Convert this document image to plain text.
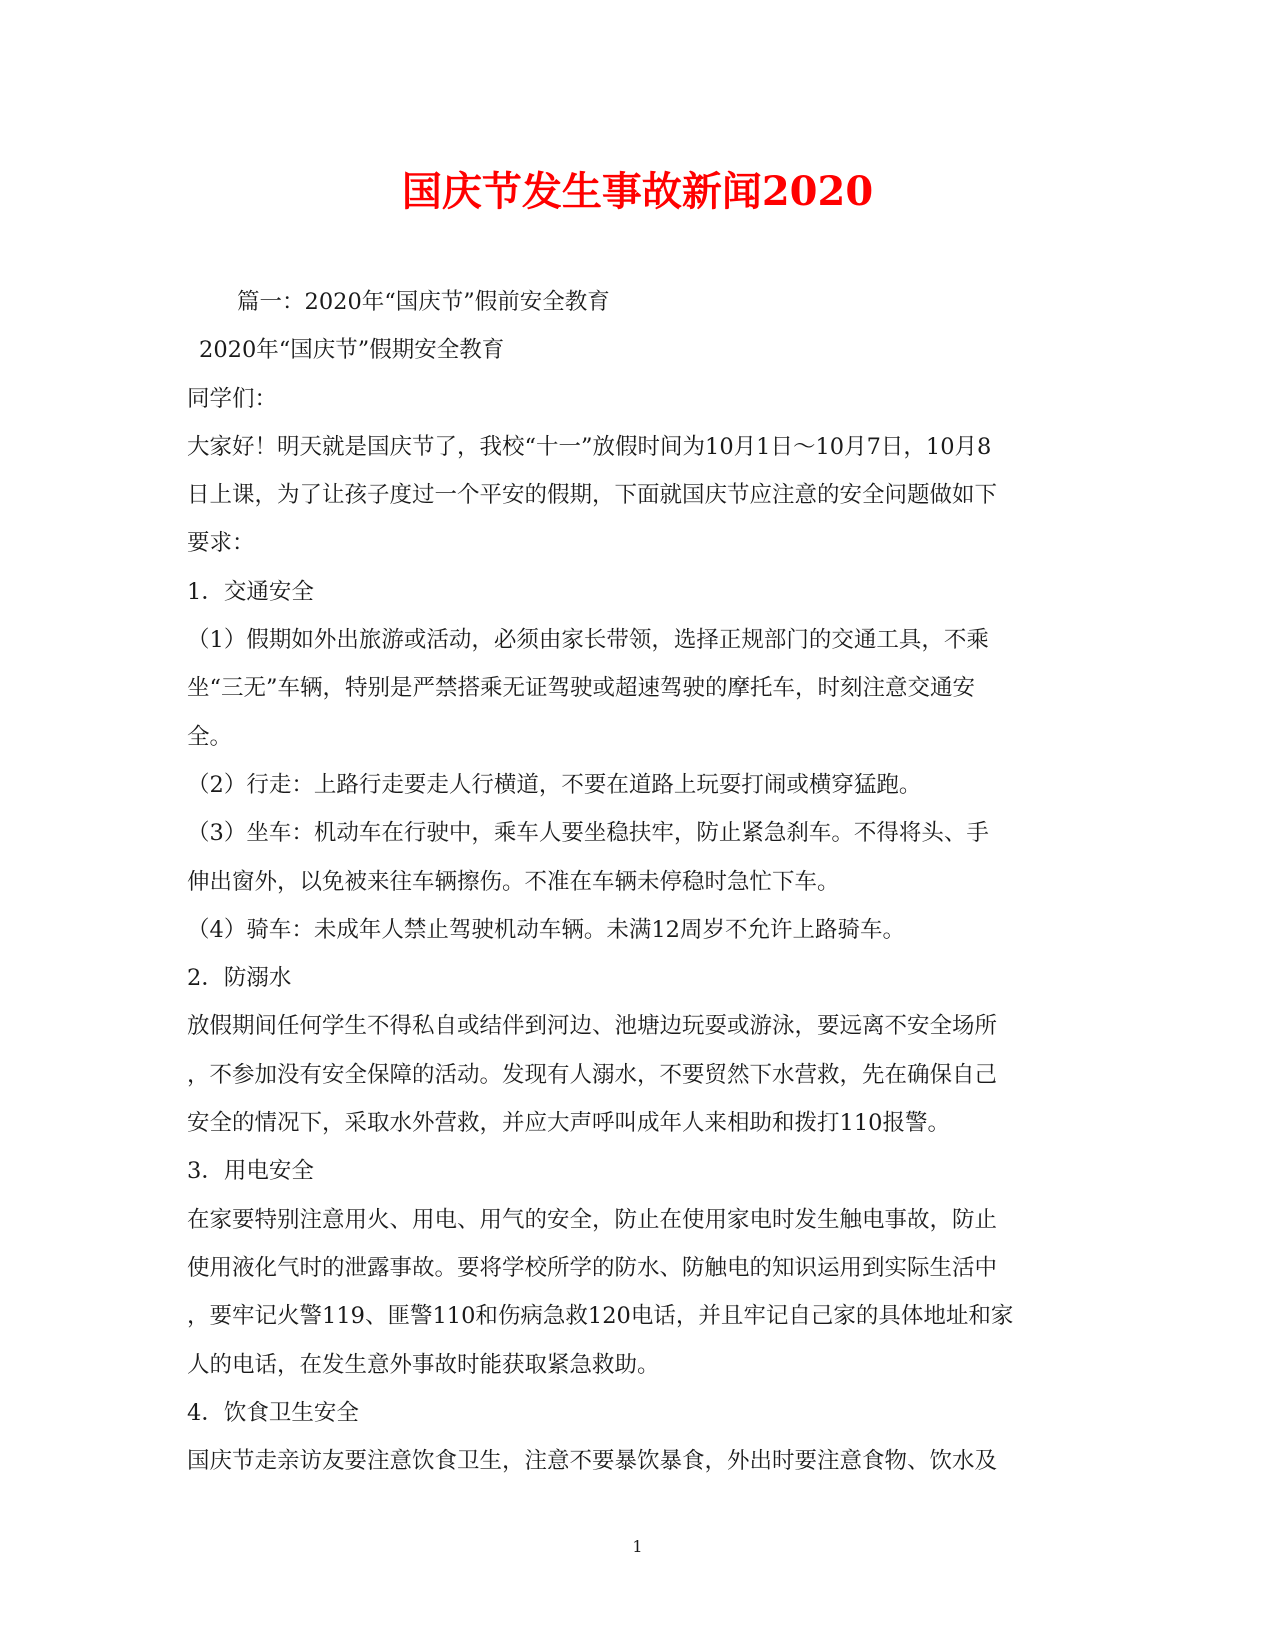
国庆节发生事故新闻2020
篇一：2020年“国庆节”假前安全教育
2020年“国庆节”假期安全教育
同学们：
大家好！明天就是国庆节了，我校“十一”放假时间为10月1日～10月7日，10月8
日上课，为了让孩子度过一个平安的假期，下面就国庆节应注意的安全问题做如下
要求：
1．交通安全
（1）假期如外出旅游或活动，必须由家长带领，选择正规部门的交通工具，不乘
坐“三无”车辆，特别是严禁搭乘无证驾驶或超速驾驶的摩托车，时刻注意交通安
全。
（2）行走：上路行走要走人行横道，不要在道路上玩耍打闹或横穿猛跑。
（3）坐车：机动车在行驶中，乘车人要坐稳扶牢，防止紧急刹车。不得将头、手
伸出窗外，以免被来往车辆擦伤。不准在车辆未停稳时急忙下车。
（4）骑车：未成年人禁止驾驶机动车辆。未满12周岁不允许上路骑车。
2．防溺水
放假期间任何学生不得私自或结伴到河边、池塘边玩耍或游泳，要远离不安全场所
，不参加没有安全保障的活动。发现有人溺水，不要贸然下水营救，先在确保自己
安全的情况下，采取水外营救，并应大声呼叫成年人来相助和拨打110报警。
3．用电安全
在家要特别注意用火、用电、用气的安全，防止在使用家电时发生触电事故，防止
使用液化气时的泄露事故。要将学校所学的防水、防触电的知识运用到实际生活中
，要牢记火警119、匪警110和伤病急救120电话，并且牢记自己家的具体地址和家
人的电话，在发生意外事故时能获取紧急救助。
4．饮食卫生安全
国庆节走亲访友要注意饮食卫生，注意不要暴饮暴食，外出时要注意食物、饮水及
1
